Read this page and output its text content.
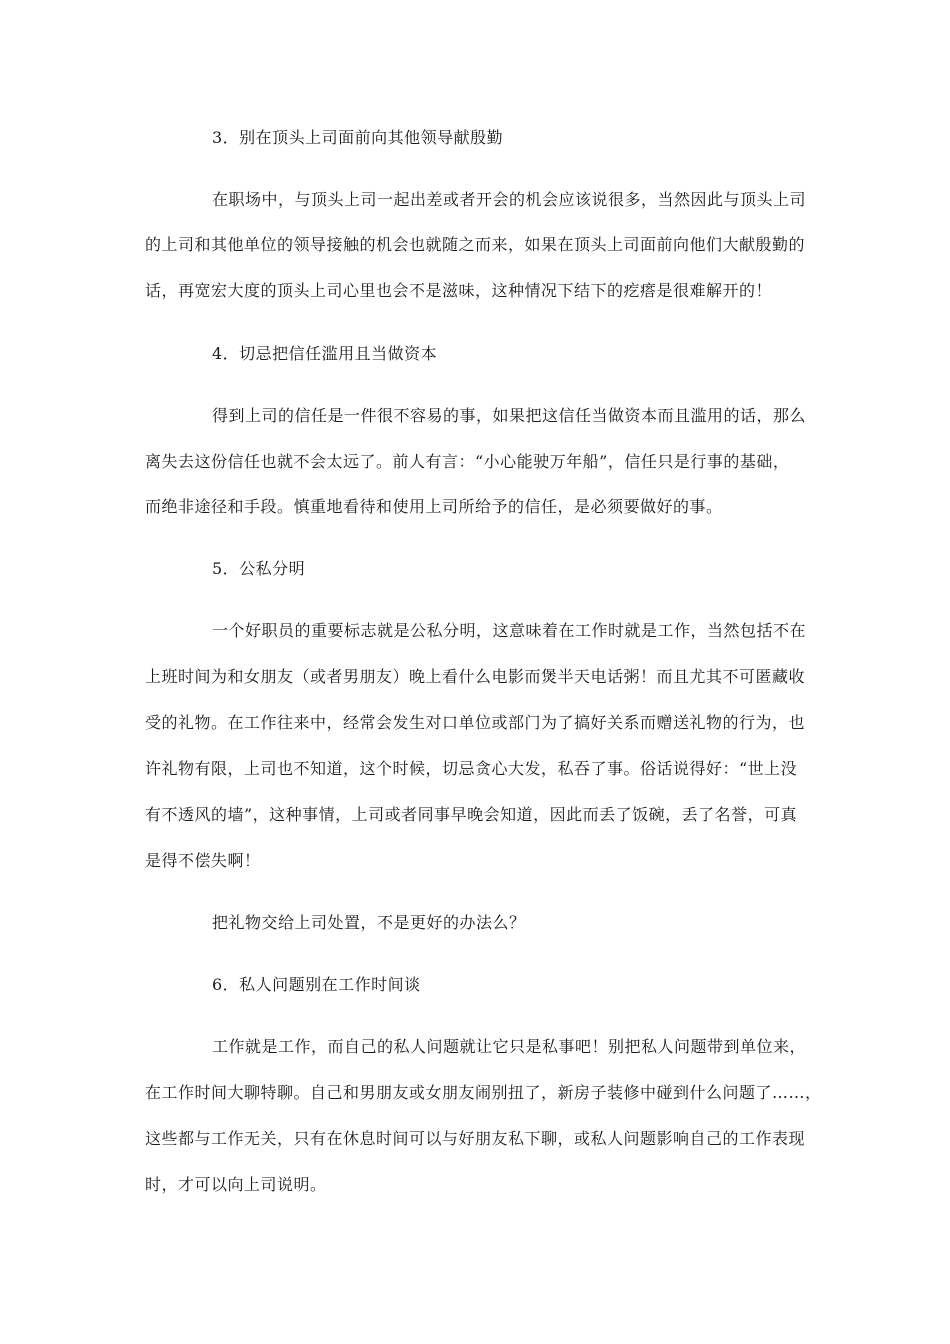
3．别在顶头上司面前向其他领导献殷勤
在职场中，与顶头上司一起出差或者开会的机会应该说很多，当然因此与顶头上司
的上司和其他单位的领导接触的机会也就随之而来，如果在顶头上司面前向他们大献殷勤的
话，再宽宏大度的顶头上司心里也会不是滋味，这种情况下结下的疙瘩是很难解开的！
4．切忌把信任滥用且当做资本
得到上司的信任是一件很不容易的事，如果把这信任当做资本而且滥用的话，那么
离失去这份信任也就不会太远了。前人有言：“小心能驶万年船”，信任只是行事的基础，
而绝非途径和手段。慎重地看待和使用上司所给予的信任，是必须要做好的事。
5．公私分明
一个好职员的重要标志就是公私分明，这意味着在工作时就是工作，当然包括不在
上班时间为和女朋友（或者男朋友）晚上看什么电影而煲半天电话粥！而且尤其不可匿藏收
受的礼物。在工作往来中，经常会发生对口单位或部门为了搞好关系而赠送礼物的行为，也
许礼物有限，上司也不知道，这个时候，切忌贪心大发，私吞了事。俗话说得好：“世上没
有不透风的墙”，这种事情，上司或者同事早晚会知道，因此而丢了饭碗，丢了名誉，可真
是得不偿失啊！
把礼物交给上司处置，不是更好的办法么？
6．私人问题别在工作时间谈
工作就是工作，而自己的私人问题就让它只是私事吧！别把私人问题带到单位来，
在工作时间大聊特聊。自己和男朋友或女朋友闹别扭了，新房子装修中碰到什么问题了……，
这些都与工作无关，只有在休息时间可以与好朋友私下聊，或私人问题影响自己的工作表现
时，才可以向上司说明。
